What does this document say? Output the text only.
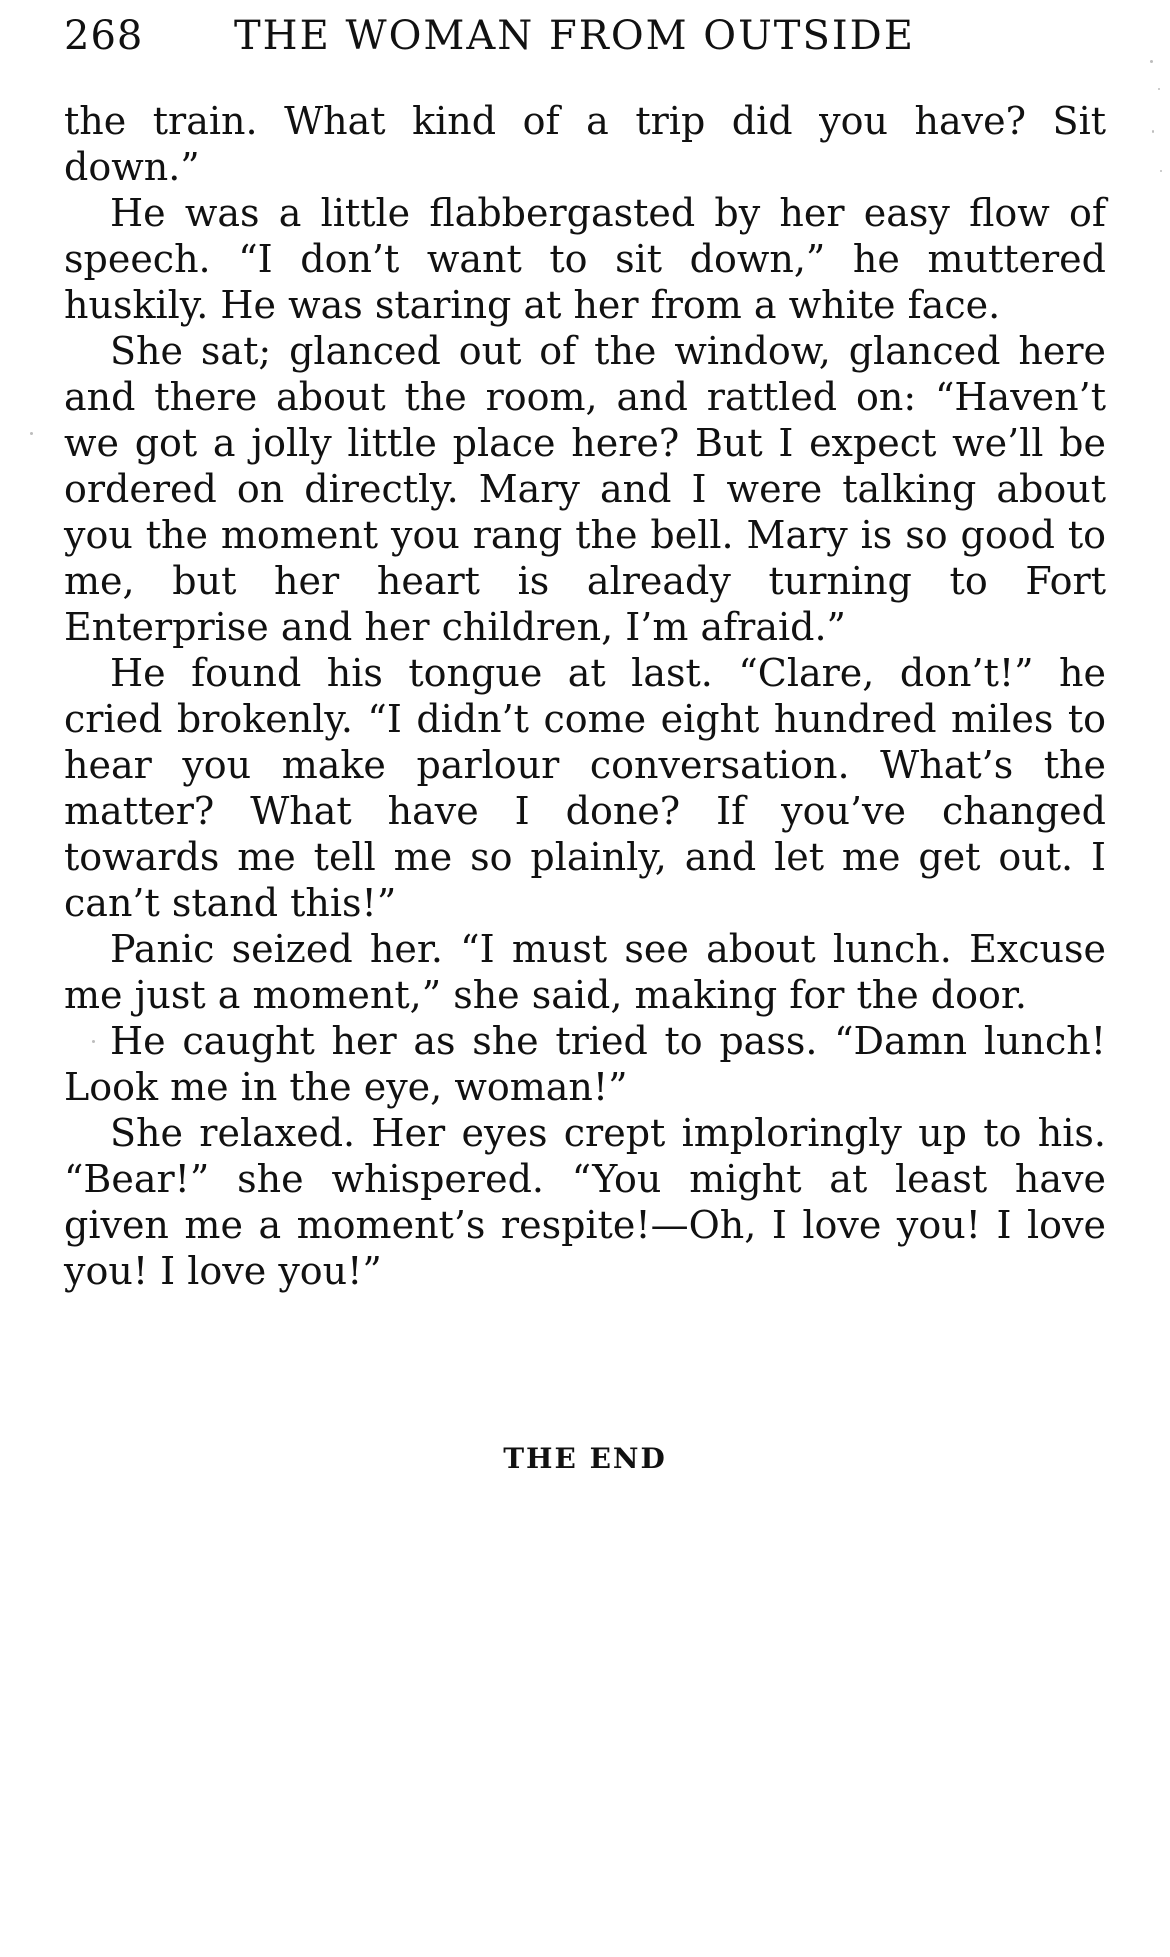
268 THE WOMAN FROM OUTSIDE

the train. What kind of a trip did you have? Sit down.”

He was a little flabbergasted by her easy flow of speech. “I don’t want to sit down,” he muttered huskily. He was staring at her from a white face.

She sat; glanced out of the window, glanced here and there about the room, and rattled on: “Haven’t we got a jolly little place here? But I expect we’ll be ordered on directly. Mary and I were talking about you the moment you rang the bell. Mary is so good to me, but her heart is already turning to Fort Enterprise and her children, I’m afraid.”

He found his tongue at last. “Clare, don’t!” he cried brokenly. “I didn’t come eight hundred miles to hear you make parlour conversation. What’s the matter? What have I done? If you’ve changed towards me tell me so plainly, and let me get out. I can’t stand this!”

Panic seized her. “I must see about lunch. Excuse me just a moment,” she said, making for the door.

He caught her as she tried to pass. “Damn lunch! Look me in the eye, woman!”

She relaxed. Her eyes crept imploringly up to his. “Bear!” she whispered. “You might at least have given me a moment’s respite!—Oh, I love you! I love you! I love you!”

THE END
